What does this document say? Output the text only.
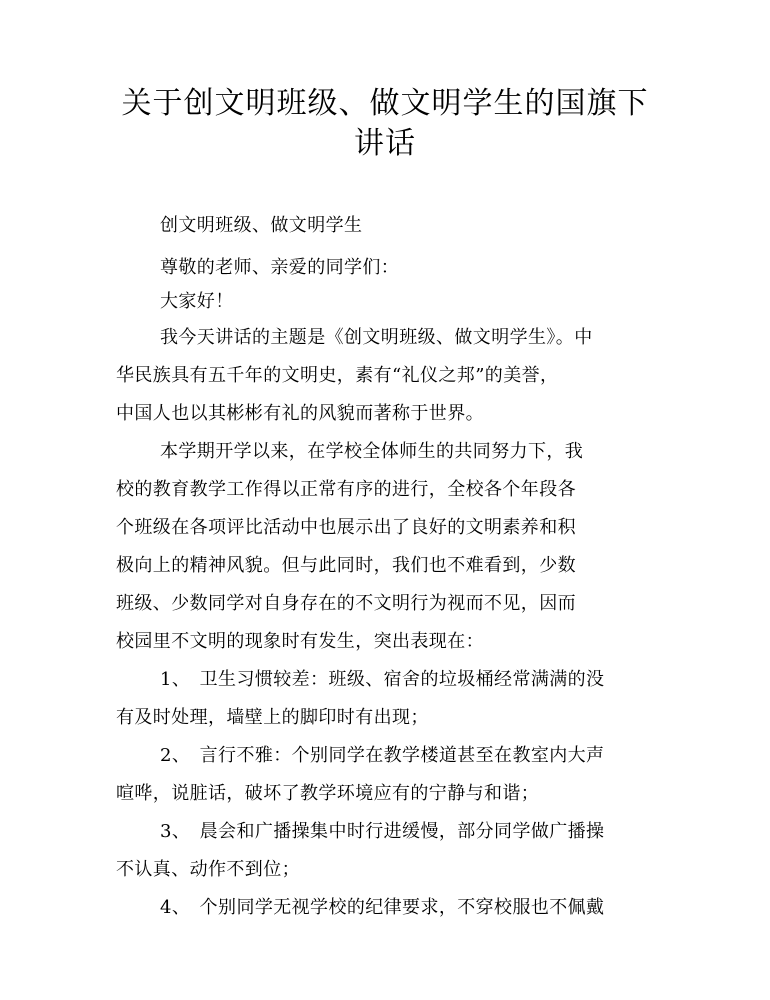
关于创文明班级、做文明学生的国旗下
讲话
创文明班级、做文明学生
尊敬的老师、亲爱的同学们：
大家好！
我今天讲话的主题是《创文明班级、做文明学生》。中
华民族具有五千年的文明史，素有“礼仪之邦”的美誉，
中国人也以其彬彬有礼的风貌而著称于世界。
本学期开学以来，在学校全体师生的共同努力下，我
校的教育教学工作得以正常有序的进行，全校各个年段各
个班级在各项评比活动中也展示出了良好的文明素养和积
极向上的精神风貌。但与此同时，我们也不难看到，少数
班级、少数同学对自身存在的不文明行为视而不见，因而
校园里不文明的现象时有发生，突出表现在：
1、　卫生习惯较差：班级、宿舍的垃圾桶经常满满的没
有及时处理，墙壁上的脚印时有出现；
2、　言行不雅：个别同学在教学楼道甚至在教室内大声
喧哗，说脏话，破坏了教学环境应有的宁静与和谐；
3、　晨会和广播操集中时行进缓慢，部分同学做广播操
不认真、动作不到位；
4、　个别同学无视学校的纪律要求，不穿校服也不佩戴
